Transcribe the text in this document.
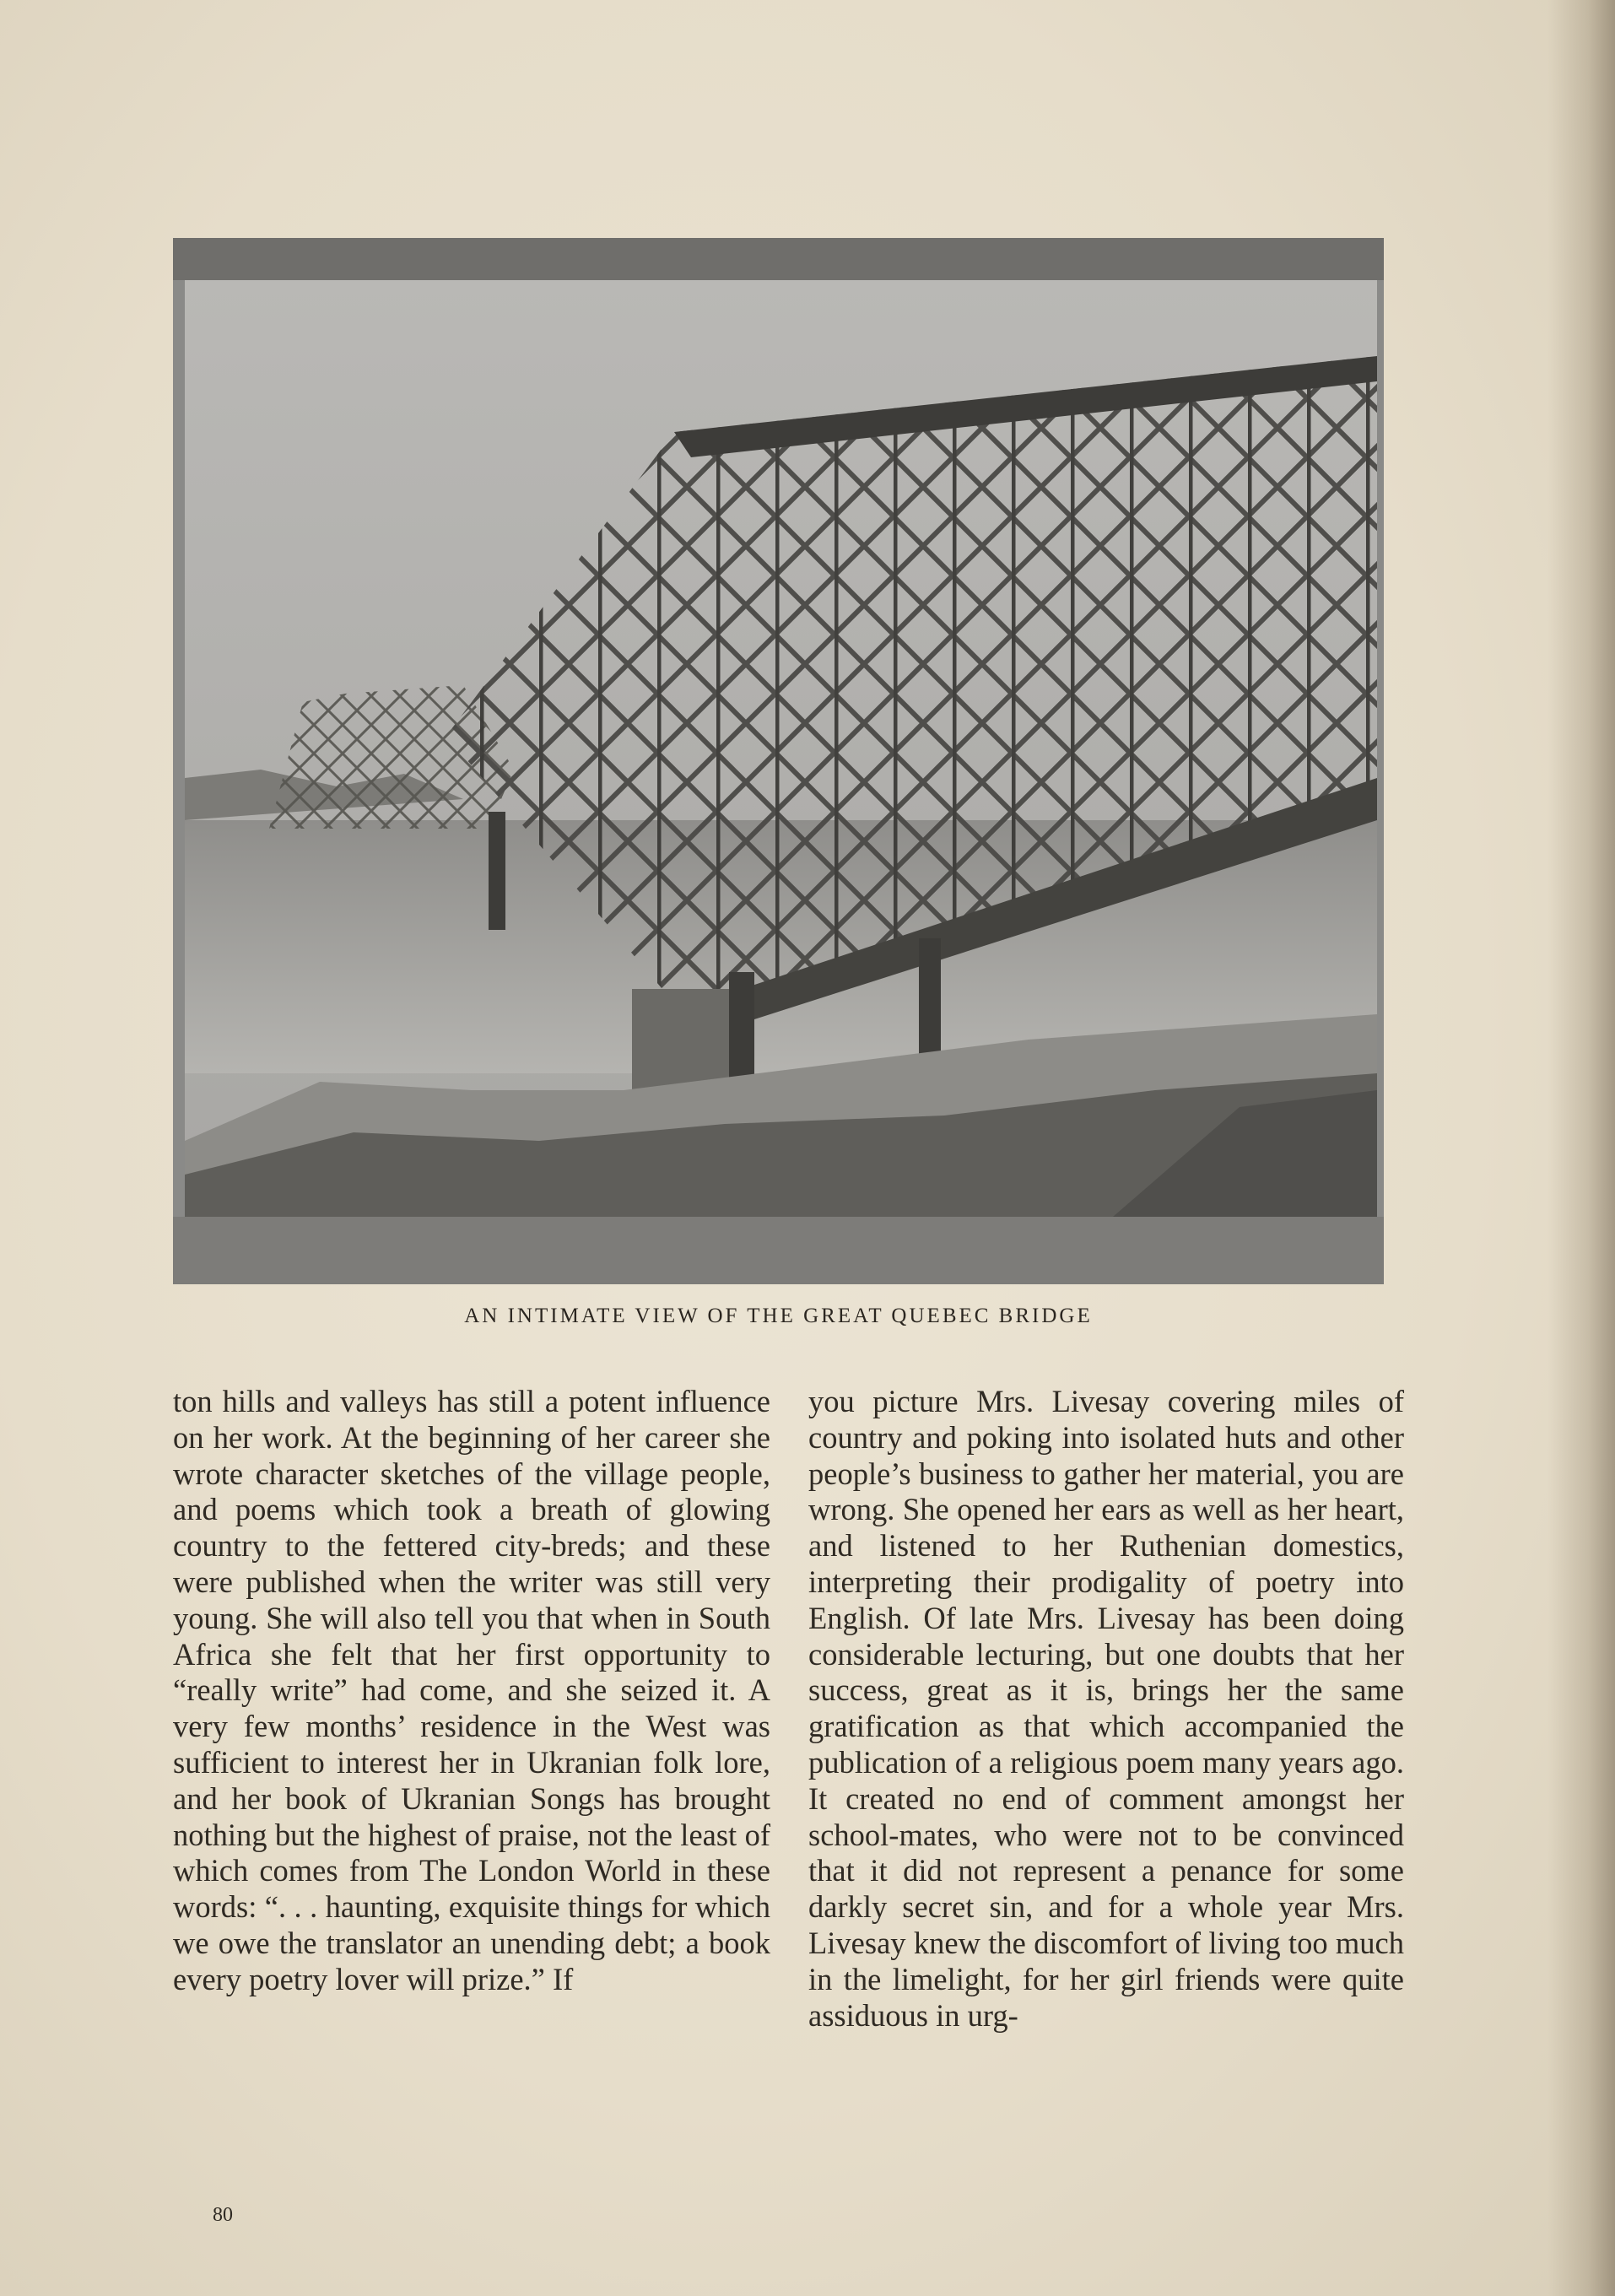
AN INTIMATE VIEW OF THE GREAT QUEBEC BRIDGE

ton hills and valleys has still a potent influence on her work. At the beginning of her career she wrote character sketches of the village people, and poems which took a breath of glowing country to the fettered city-breds; and these were published when the writer was still very young. She will also tell you that when in South Africa she felt that her first opportunity to “really write” had come, and she seized it. A very few months’ residence in the West was sufficient to interest her in Ukranian folk lore, and her book of Ukranian Songs has brought nothing but the highest of praise, not the least of which comes from The London World in these words: “. . . haunting, exquisite things for which we owe the translator an unending debt; a book every poetry lover will prize.” If

you picture Mrs. Livesay covering miles of country and poking into isolated huts and other people’s business to gather her material, you are wrong. She opened her ears as well as her heart, and listened to her Ruthenian domestics, interpreting their prodigality of poetry into English. Of late Mrs. Livesay has been doing considerable lecturing, but one doubts that her success, great as it is, brings her the same gratification as that which accompanied the publication of a religious poem many years ago. It created no end of comment amongst her school-mates, who were not to be convinced that it did not represent a penance for some darkly secret sin, and for a whole year Mrs. Livesay knew the discomfort of living too much in the limelight, for her girl friends were quite assiduous in urg-

80
